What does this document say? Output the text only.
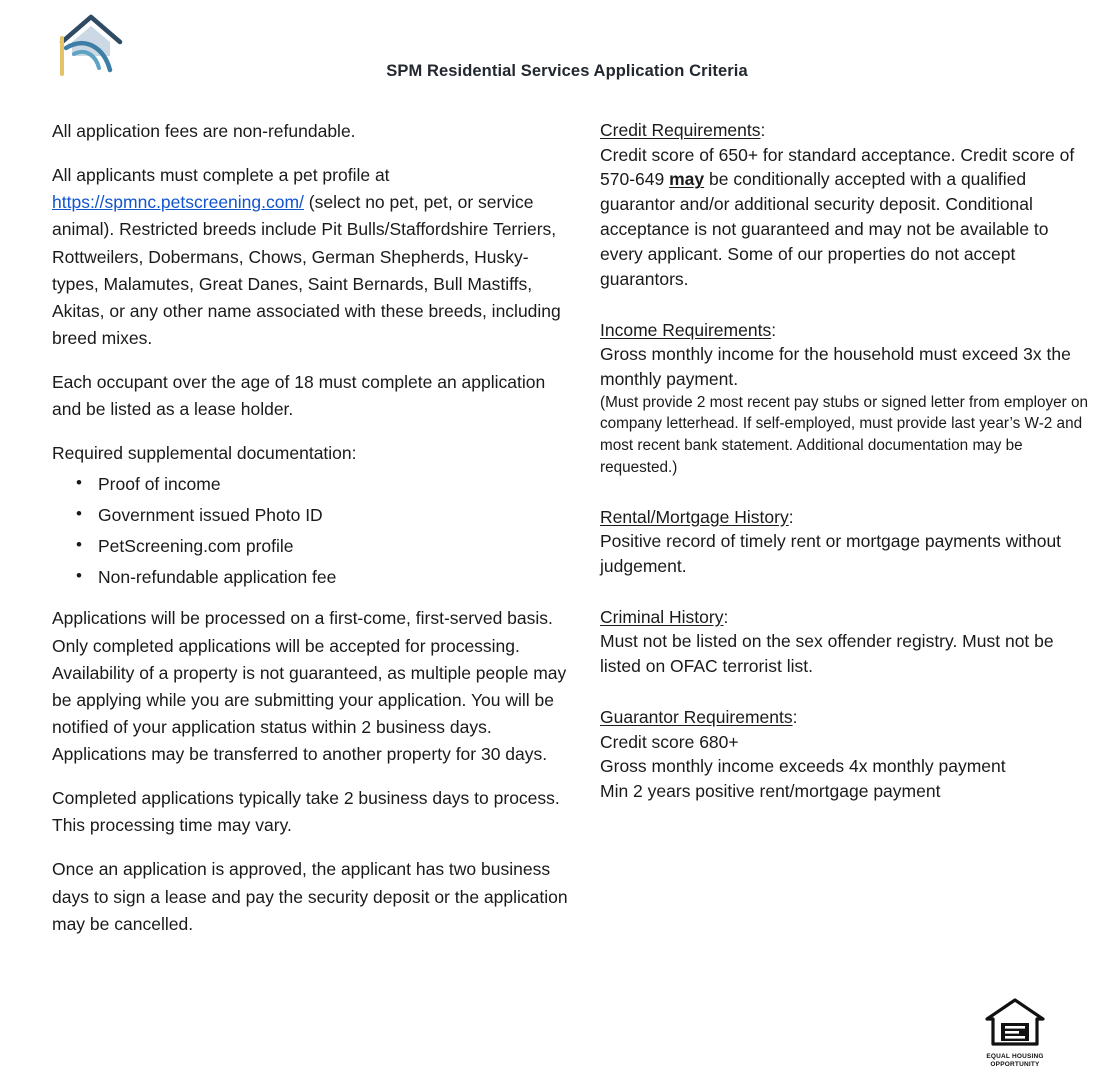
SPM Residential Services Application Criteria

All application fees are non-refundable.

All applicants must complete a pet profile at https://spmnc.petscreening.com/ (select no pet, pet, or service animal). Restricted breeds include Pit Bulls/Staffordshire Terriers, Rottweilers, Dobermans, Chows, German Shepherds, Husky-types, Malamutes, Great Danes, Saint Bernards, Bull Mastiffs, Akitas, or any other name associated with these breeds, including breed mixes.

Each occupant over the age of 18 must complete an application and be listed as a lease holder.

Required supplemental documentation:

• Proof of income
• Government issued Photo ID
• PetScreening.com profile
• Non-refundable application fee

Applications will be processed on a first-come, first-served basis. Only completed applications will be accepted for processing. Availability of a property is not guaranteed, as multiple people may be applying while you are submitting your application. You will be notified of your application status within 2 business days. Applications may be transferred to another property for 30 days.

Completed applications typically take 2 business days to process. This processing time may vary.

Once an application is approved, the applicant has two business days to sign a lease and pay the security deposit or the application may be cancelled.

Credit Requirements:
Credit score of 650+ for standard acceptance. Credit score of 570-649 may be conditionally accepted with a qualified guarantor and/or additional security deposit. Conditional acceptance is not guaranteed and may not be available to every applicant. Some of our properties do not accept guarantors.
Income Requirements:
Gross monthly income for the household must exceed 3x the monthly payment.
(Must provide 2 most recent pay stubs or signed letter from employer on company letterhead. If self-employed, must provide last year’s W-2 and most recent bank statement. Additional documentation may be requested.)
Rental/Mortgage History:
Positive record of timely rent or mortgage payments without judgement.
Criminal History:
Must not be listed on the sex offender registry. Must not be listed on OFAC terrorist list.
Guarantor Requirements:
Credit score 680+
Gross monthly income exceeds 4x monthly payment
Min 2 years positive rent/mortgage payment
EQUAL HOUSING
OPPORTUNITY
